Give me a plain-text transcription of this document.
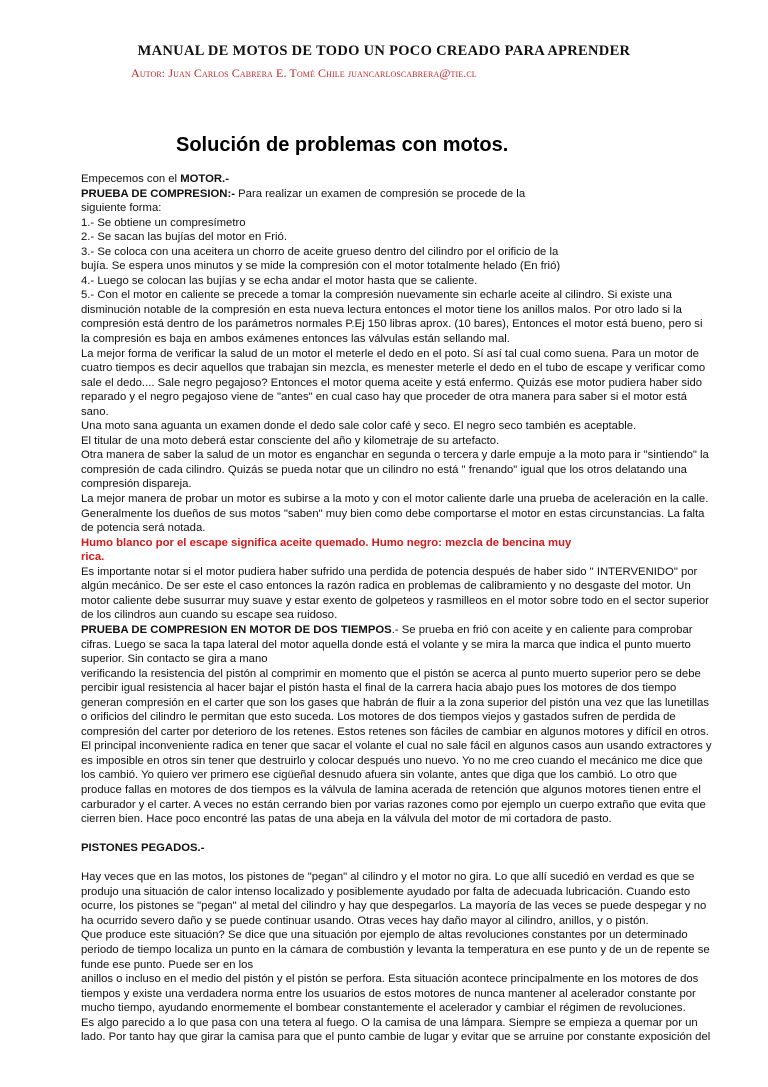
MANUAL DE MOTOS DE TODO UN POCO CREADO PARA APRENDER
Autor: Juan Carlos Cabrera E. Tomé Chile juancarloscabrera@tie.cl
Solución de problemas con motos.
Empecemos con el MOTOR.-
PRUEBA DE COMPRESION:- Para realizar un examen de compresión se procede de la
siguiente forma:
1.- Se obtiene un compresímetro
2.- Se sacan las bujías del motor en Frió.
3.- Se coloca con una aceitera un chorro de aceite grueso dentro del cilindro por el orificio de la
bujía. Se espera unos minutos y se mide la compresión con el motor totalmente helado (En frió)
4.- Luego se colocan las bujías y se echa andar el motor hasta que se caliente.
5.- Con el motor en caliente se precede a tomar la compresión nuevamente sin echarle aceite al cilindro. Si existe una
disminución notable de la compresión en esta nueva lectura entonces el motor tiene los anillos malos. Por otro lado si la
compresión está dentro de los parámetros normales P.Ej 150 libras aprox. (10 bares), Entonces el motor está bueno, pero si
la compresión es baja en ambos exámenes entonces las válvulas están sellando mal.
La mejor forma de verificar la salud de un motor el meterle el dedo en el poto. Sí así tal cual como suena. Para un motor de
cuatro tiempos es decir aquellos que trabajan sin mezcla, es menester meterle el dedo en el tubo de escape y verificar como
sale el dedo.... Sale negro pegajoso? Entonces el motor quema aceite y está enfermo. Quizás ese motor pudiera haber sido
reparado y el negro pegajoso viene de "antes" en cual caso hay que proceder de otra manera para saber si el motor está
sano.
Una moto sana aguanta un examen donde el dedo sale color café y seco. El negro seco también es aceptable.
El titular de una moto deberá estar consciente del año y kilometraje de su artefacto.
Otra manera de saber la salud de un motor es enganchar en segunda o tercera y darle empuje a la moto para ir "sintiendo" la
compresión de cada cilindro. Quizás se pueda notar que un cilindro no está " frenando" igual que los otros delatando una
compresión dispareja.
La mejor manera de probar un motor es subirse a la moto y con el motor caliente darle una prueba de aceleración en la calle.
Generalmente los dueños de sus motos "saben" muy bien como debe comportarse el motor en estas circunstancias. La falta
de potencia será notada.
Humo blanco por el escape significa aceite quemado. Humo negro: mezcla de bencina muy
rica.
Es importante notar si el motor pudiera haber sufrido una perdida de potencia después de haber sido " INTERVENIDO" por
algún mecánico. De ser este el caso entonces la razón radica en problemas de calibramiento y no desgaste del motor. Un
motor caliente debe susurrar muy suave y estar exento de golpeteos y rasmilleos en el motor sobre todo en el sector superior
de los cilindros aun cuando su escape sea ruidoso.
PRUEBA DE COMPRESION EN MOTOR DE DOS TIEMPOS.- Se prueba en frió con aceite y en caliente para comprobar
cifras. Luego se saca la tapa lateral del motor aquella donde está el volante y se mira la marca que indica el punto muerto
superior. Sin contacto se gira a mano
verificando la resistencia del pistón al comprimir en momento que el pistón se acerca al punto muerto superior pero se debe
percibir igual resistencia al hacer bajar el pistón hasta el final de la carrera hacia abajo pues los motores de dos tiempo
generan compresión en el carter que son los gases que habrán de fluir a la zona superior del pistón una vez que las lunetillas
o orificios del cilindro le permitan que esto suceda. Los motores de dos tiempos viejos y gastados sufren de perdida de
compresión del carter por deterioro de los retenes. Estos retenes son fáciles de cambiar en algunos motores y difícil en otros.
El principal inconveniente radica en tener que sacar el volante el cual no sale fácil en algunos casos aun usando extractores y
es imposible en otros sin tener que destruirlo y colocar después uno nuevo. Yo no me creo cuando el mecánico me dice que
los cambió. Yo quiero ver primero ese cigüeñal desnudo afuera sin volante, antes que diga que los cambió. Lo otro que
produce fallas en motores de dos tiempos es la válvula de lamina acerada de retención que algunos motores tienen entre el
carburador y el carter. A veces no están cerrando bien por varias razones como por ejemplo un cuerpo extraño que evita que
cierren bien. Hace poco encontré las patas de una abeja en la válvula del motor de mi cortadora de pasto.
PISTONES PEGADOS.-
Hay veces que en las motos, los pistones de "pegan" al cilindro y el motor no gira. Lo que allí sucedió en verdad es que se
produjo una situación de calor intenso localizado y posiblemente ayudado por falta de adecuada lubricación. Cuando esto
ocurre, los pistones se "pegan" al metal del cilindro y hay que despegarlos. La mayoría de las veces se puede despegar y no
ha ocurrido severo daño y se puede continuar usando. Otras veces hay daño mayor al cilindro, anillos, y o pistón.
Que produce este situación? Se dice que una situación por ejemplo de altas revoluciones constantes por un determinado
periodo de tiempo localiza un punto en la cámara de combustión y levanta la temperatura en ese punto y de un de repente se
funde ese punto. Puede ser en los
anillos o incluso en el medio del pistón y el pistón se perfora. Esta situación acontece principalmente en los motores de dos
tiempos y existe una verdadera norma entre los usuarios de estos motores de nunca mantener al acelerador constante por
mucho tiempo, ayudando enormemente el bombear constantemente el acelerador y cambiar el régimen de revoluciones.
Es algo parecido a lo que pasa con una tetera al fuego. O la camisa de una lámpara. Siempre se empieza a quemar por un
lado. Por tanto hay que girar la camisa para que el punto cambie de lugar y evitar que se arruine por constante exposición del
